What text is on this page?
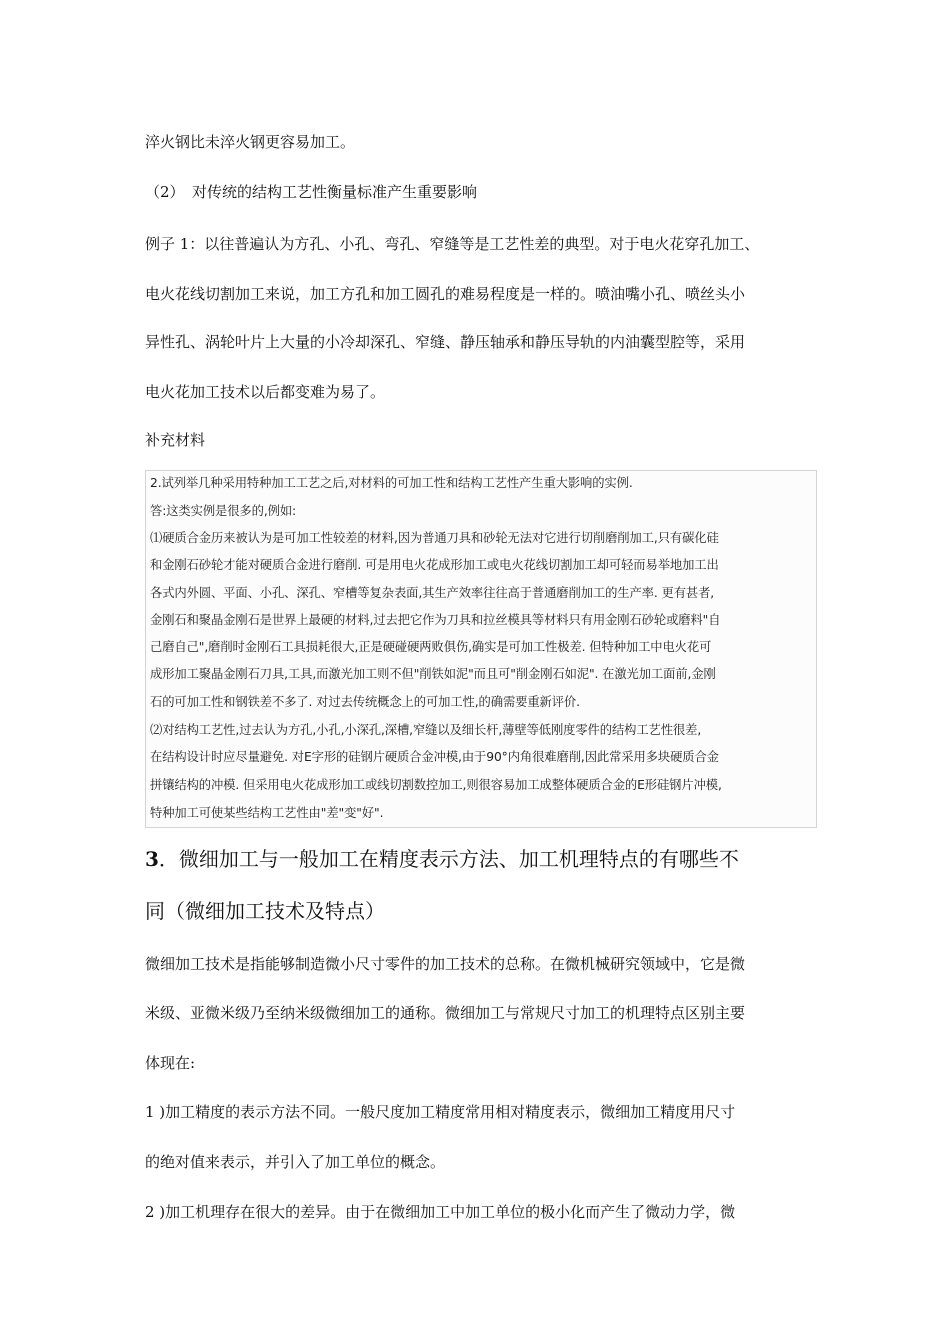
淬火钢比未淬火钢更容易加工。
（2）　对传统的结构工艺性衡量标准产生重要影响
例子 1：以往普遍认为方孔、小孔、弯孔、窄缝等是工艺性差的典型。对于电火花穿孔加工、
电火花线切割加工来说，加工方孔和加工圆孔的难易程度是一样的。喷油嘴小孔、喷丝头小
异性孔、涡轮叶片上大量的小冷却深孔、窄缝、静压轴承和静压导轨的内油囊型腔等，采用
电火花加工技术以后都变难为易了。
补充材料
2.试列举几种采用特种加工工艺之后,对材料的可加工性和结构工艺性产生重大影响的实例.
答:这类实例是很多的,例如:
⑴硬质合金历来被认为是可加工性较差的材料,因为普通刀具和砂轮无法对它进行切削磨削加工,只有碳化硅
和金刚石砂轮才能对硬质合金进行磨削. 可是用电火花成形加工或电火花线切割加工却可轻而易举地加工出
各式内外圆、平面、小孔、深孔、窄槽等复杂表面,其生产效率往往高于普通磨削加工的生产率. 更有甚者,
金刚石和聚晶金刚石是世界上最硬的材料,过去把它作为刀具和拉丝模具等材料只有用金刚石砂轮或磨料"自
己磨自己",磨削时金刚石工具损耗很大,正是硬碰硬两败俱伤,确实是可加工性极差. 但特种加工中电火花可
成形加工聚晶金刚石刀具,工具,而激光加工则不但"削铁如泥"而且可"削金刚石如泥". 在激光加工面前,金刚
石的可加工性和钢铁差不多了. 对过去传统概念上的可加工性,的确需要重新评价.
⑵对结构工艺性,过去认为方孔,小孔,小深孔,深槽,窄缝以及细长杆,薄壁等低刚度零件的结构工艺性很差,
在结构设计时应尽量避免. 对E字形的硅钢片硬质合金冲模,由于90°内角很难磨削,因此常采用多块硬质合金
拼镶结构的冲模. 但采用电火花成形加工或线切割数控加工,则很容易加工成整体硬质合金的E形硅钢片冲模,
特种加工可使某些结构工艺性由"差"变"好".
3．微细加工与一般加工在精度表示方法、加工机理特点的有哪些不
同（微细加工技术及特点）
微细加工技术是指能够制造微小尺寸零件的加工技术的总称。在微机械研究领域中，它是微
米级、亚微米级乃至纳米级微细加工的通称。微细加工与常规尺寸加工的机理特点区别主要
体现在:
1 )加工精度的表示方法不同。一般尺度加工精度常用相对精度表示，微细加工精度用尺寸
的绝对值来表示，并引入了加工单位的概念。
2 )加工机理存在很大的差异。由于在微细加工中加工单位的极小化而产生了微动力学，微
